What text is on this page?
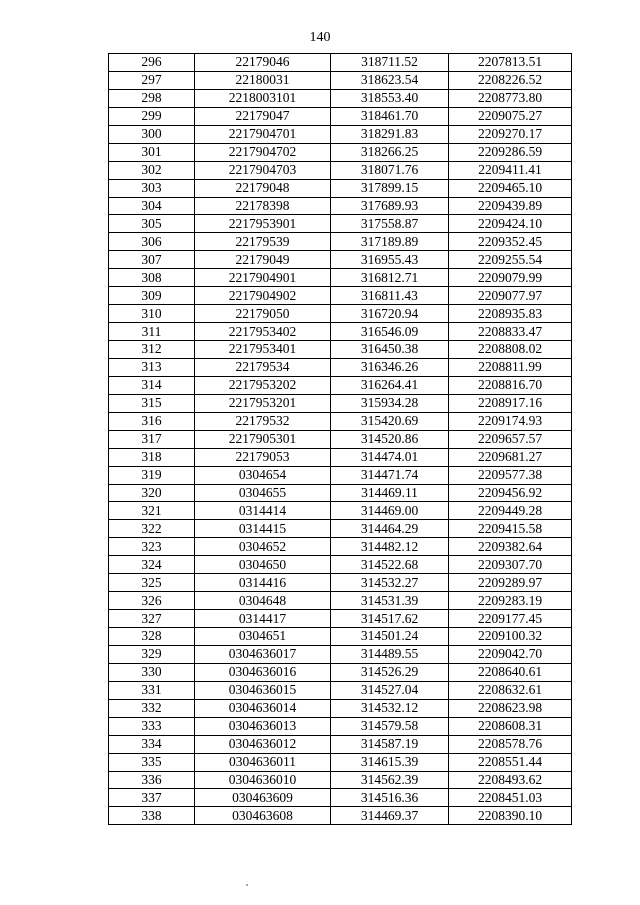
140
296	22179046	318711.52	2207813.51
297	22180031	318623.54	2208226.52
298	2218003101	318553.40	2208773.80
299	22179047	318461.70	2209075.27
300	2217904701	318291.83	2209270.17
301	2217904702	318266.25	2209286.59
302	2217904703	318071.76	2209411.41
303	22179048	317899.15	2209465.10
304	22178398	317689.93	2209439.89
305	2217953901	317558.87	2209424.10
306	22179539	317189.89	2209352.45
307	22179049	316955.43	2209255.54
308	2217904901	316812.71	2209079.99
309	2217904902	316811.43	2209077.97
310	22179050	316720.94	2208935.83
311	2217953402	316546.09	2208833.47
312	2217953401	316450.38	2208808.02
313	22179534	316346.26	2208811.99
314	2217953202	316264.41	2208816.70
315	2217953201	315934.28	2208917.16
316	22179532	315420.69	2209174.93
317	2217905301	314520.86	2209657.57
318	22179053	314474.01	2209681.27
319	0304654	314471.74	2209577.38
320	0304655	314469.11	2209456.92
321	0314414	314469.00	2209449.28
322	0314415	314464.29	2209415.58
323	0304652	314482.12	2209382.64
324	0304650	314522.68	2209307.70
325	0314416	314532.27	2209289.97
326	0304648	314531.39	2209283.19
327	0314417	314517.62	2209177.45
328	0304651	314501.24	2209100.32
329	0304636017	314489.55	2209042.70
330	0304636016	314526.29	2208640.61
331	0304636015	314527.04	2208632.61
332	0304636014	314532.12	2208623.98
333	0304636013	314579.58	2208608.31
334	0304636012	314587.19	2208578.76
335	0304636011	314615.39	2208551.44
336	0304636010	314562.39	2208493.62
337	030463609	314516.36	2208451.03
338	030463608	314469.37	2208390.10
